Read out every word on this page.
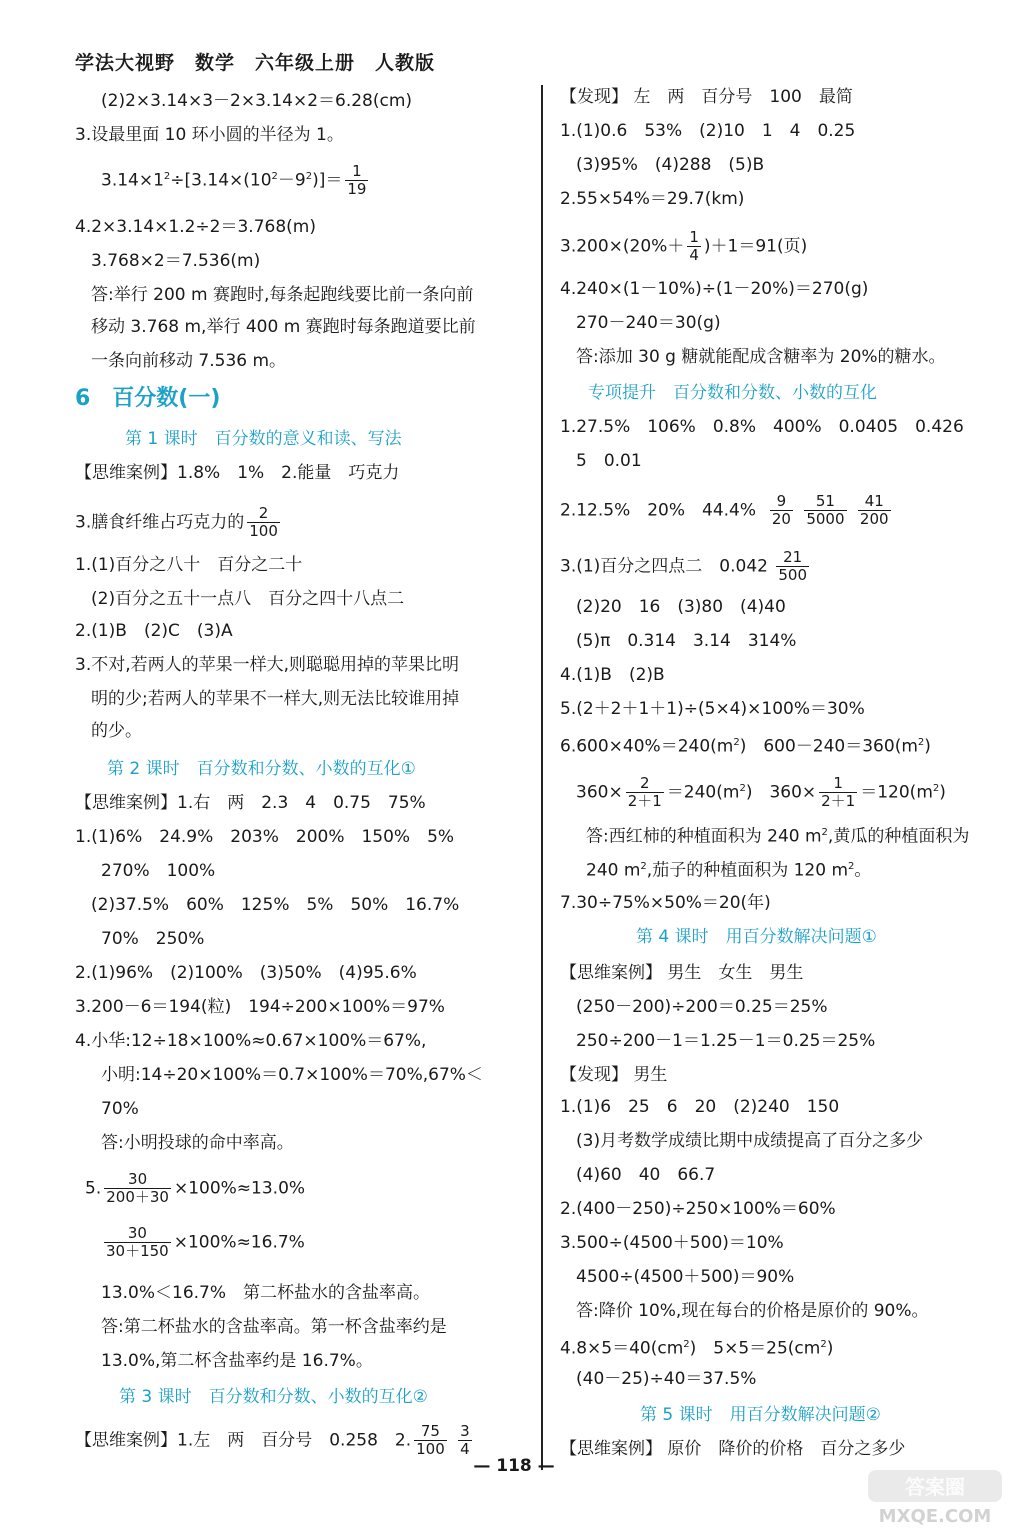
学法大视野　数学　六年级上册　人教版
(2)2×3.14×3－2×3.14×2＝6.28(cm)
3.设最里面 10 环小圆的半径为 1。
$3.14\times 1^2\div[3.14\times(10^2-9^2)]= \frac{1}{19}$
4.2×3.14×1.2÷2＝3.768(m)
3.768×2＝7.536(m)
答:举行 200 m 赛跑时,每条起跑线要比前一条向前
移动 3.768 m,举行 400 m 赛跑时每条跑道要比前
一条向前移动 7.536 m。
6　百分数(一)
第 1 课时　百分数的意义和读、写法
【思维案例】1.8%　1%　2.能量　巧克力
3.膳食纤维占巧克力的 $\frac{2}{100}$
1.(1)百分之八十　百分之二十
(2)百分之五十一点八　百分之四十八点二
2.(1)B　(2)C　(3)A
3.不对,若两人的苹果一样大,则聪聪用掉的苹果比明
明的少;若两人的苹果不一样大,则无法比较谁用掉
的少。
第 2 课时　百分数和分数、小数的互化①
【思维案例】1.右　两　2.3　4　0.75　75%
1.(1)6%　24.9%　203%　200%　150%　5%
270%　100%
(2)37.5%　60%　125%　5%　50%　16.7%
70%　250%
2.(1)96%　(2)100%　(3)50%　(4)95.6%
3.200－6＝194(粒)　194÷200×100%＝97%
4.小华:12÷18×100%≈0.67×100%＝67%,
小明:14÷20×100%＝0.7×100%＝70%,67%＜
70%
答:小明投球的命中率高。
5. $\frac{30}{200+30} \times 100\%\approx 13.0\%$
$\frac{30}{30+150} \times 100\%\approx 16.7\%$
13.0%＜16.7%　第二杯盐水的含盐率高。
答:第二杯盐水的含盐率高。第一杯含盐率约是
13.0%,第二杯含盐率约是 16.7%。
第 3 课时　百分数和分数、小数的互化②
【思维案例】1.左　两　百分号　0.258　2. $\frac{75}{100}$
$\frac{3}{4}$
【发现】 左　两　百分号　100　最简
1.(1)0.6　53%　(2)10　1　4　0.25
(3)95%　(4)288　(5)B
2.55×54%＝29.7(km)
$3.200\times(20\%+ \frac{1}{4} )+1=91$(页)
4.240×(1－10%)÷(1－20%)＝270(g)
270－240＝30(g)
答:添加 30 g 糖就能配成含糖率为 20%的糖水。
专项提升　百分数和分数、小数的互化
1.27.5%　106%　0.8%　400%　0.0405　0.426
5　0.01
2.12.5%　20%　$44.4\% \frac{9}{20}$
$\frac{51}{5000}$
$\frac{41}{200}$
3.(1)百分之四点二　$0.042 \frac{21}{500}$
(2)20　16　(3)80　(4)40
(5)π　0.314　3.14　314%
4.(1)B　(2)B
5.(2＋2＋1＋1)÷(5×4)×100%＝30%
$6.600\times 40\%=240(m^2)$　$600-240=360(m^2)$
$360\times \frac{2}{2+1} =240(m^2)$　$360\times \frac{1}{2+1} =120(m^2)$
答:西红柿的种植面积为 240 $m^2$,黄瓜的种植面积为
240 $m^2$,茄子的种植面积为 120 $m^2$。
7.30÷75%×50%＝20(年)
第 4 课时　用百分数解决问题①
【思维案例】 男生　女生　男生
(250－200)÷200＝0.25＝25%
250÷200－1＝1.25－1＝0.25＝25%
【发现】 男生
1.(1)6　25　6　20　(2)240　150
(3)月考数学成绩比期中成绩提高了百分之多少
(4)60　40　66.7
2.(400－250)÷250×100%＝60%
3.500÷(4500＋500)＝10%
4500÷(4500＋500)＝90%
答:降价 10%,现在每台的价格是原价的 90%。
$4.8\times 5=40(cm^2)$　$5\times 5=25(cm^2)$
(40－25)÷40＝37.5%
第 5 课时　用百分数解决问题②
【思维案例】 原价　降价的价格　百分之多少
— 118 —
答案圈
MXQE.COM
